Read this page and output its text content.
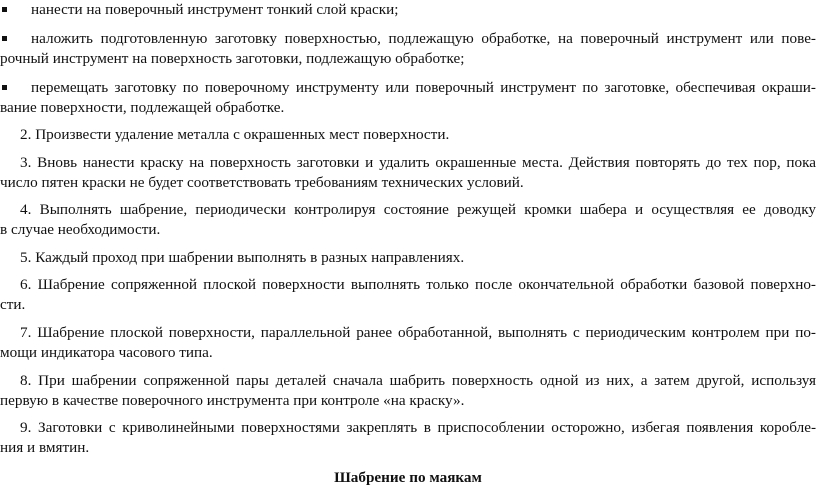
нанести на поверочный инструмент тонкий слой краски;
наложить подготовленную заготовку поверхностью, подлежащую обработке, на поверочный инструмент или пове-
рочный инструмент на поверхность заготовки, подлежащую обработке;
перемещать заготовку по поверочному инструменту или поверочный инструмент по заготовке, обеспечивая окраши-
вание поверхности, подлежащей обработке.
2. Произвести удаление металла с окрашенных мест поверхности.
3. Вновь нанести краску на поверхность заготовки и удалить окрашенные места. Действия повторять до тех пор, пока
число пятен краски не будет соответствовать требованиям технических условий.
4. Выполнять шабрение, периодически контролируя состояние режущей кромки шабера и осуществляя ее доводку
в случае необходимости.
5. Каждый проход при шабрении выполнять в разных направлениях.
6. Шабрение сопряженной плоской поверхности выполнять только после окончательной обработки базовой поверхно-
сти.
7. Шабрение плоской поверхности, параллельной ранее обработанной, выполнять с периодическим контролем при по-
мощи индикатора часового типа.
8. При шабрении сопряженной пары деталей сначала шабрить поверхность одной из них, а затем другой, используя
первую в качестве поверочного инструмента при контроле «на краску».
9. Заготовки с криволинейными поверхностями закреплять в приспособлении осторожно, избегая появления коробле-
ния и вмятин.
Шабрение по маякам
